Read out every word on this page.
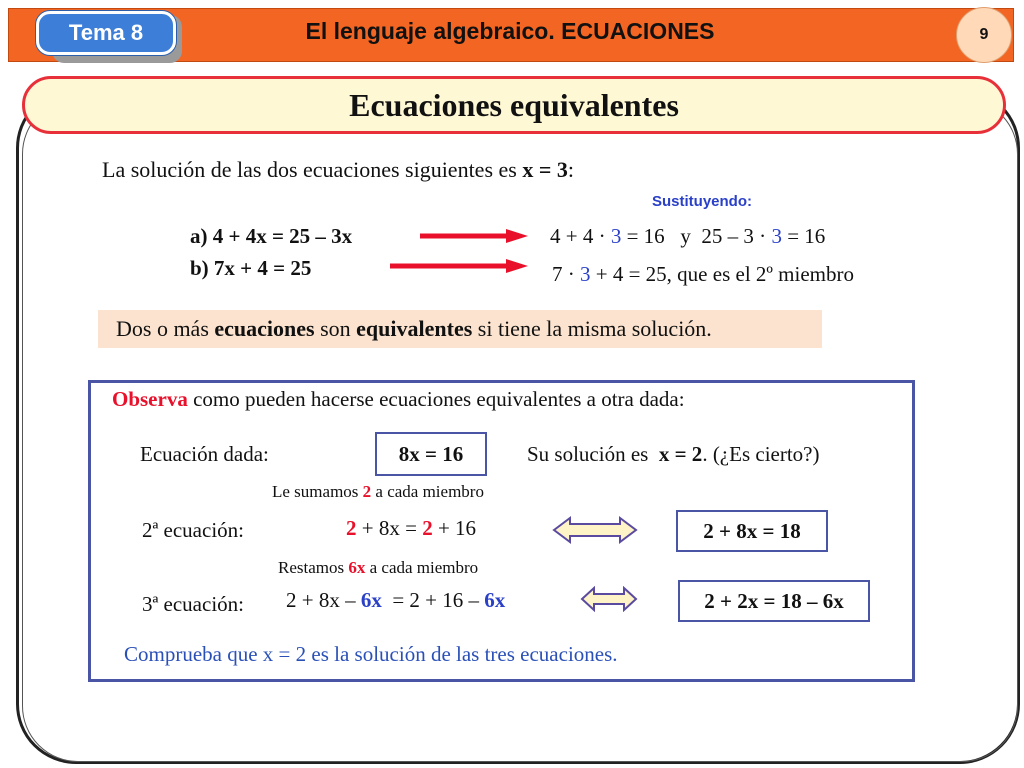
Tema 8	El lenguaje algebraico. ECUACIONES	9
Ecuaciones equivalentes
La solución de las dos ecuaciones siguientes es x = 3:
Sustituyendo:
a) 4 + 4x = 25 – 3x
b) 7x + 4 = 25
4 + 4 · 3 = 16   y  25 – 3 · 3 = 16
7 · 3 + 4 = 25, que es el 2º miembro
Dos o más ecuaciones son equivalentes si tiene la misma solución.
Observa como pueden hacerse ecuaciones equivalentes a otra dada:
Ecuación dada:	8x = 16	Su solución es  x = 2. (¿Es cierto?)
Le sumamos 2 a cada miembro
2ª ecuación:	2 + 8x = 2 + 16	2 + 8x = 18
Restamos 6x a cada miembro
3ª ecuación: 2 + 8x – 6x  = 2 + 16 – 6x	2 + 2x = 18 – 6x
Comprueba que x = 2 es la solución de las tres ecuaciones.
